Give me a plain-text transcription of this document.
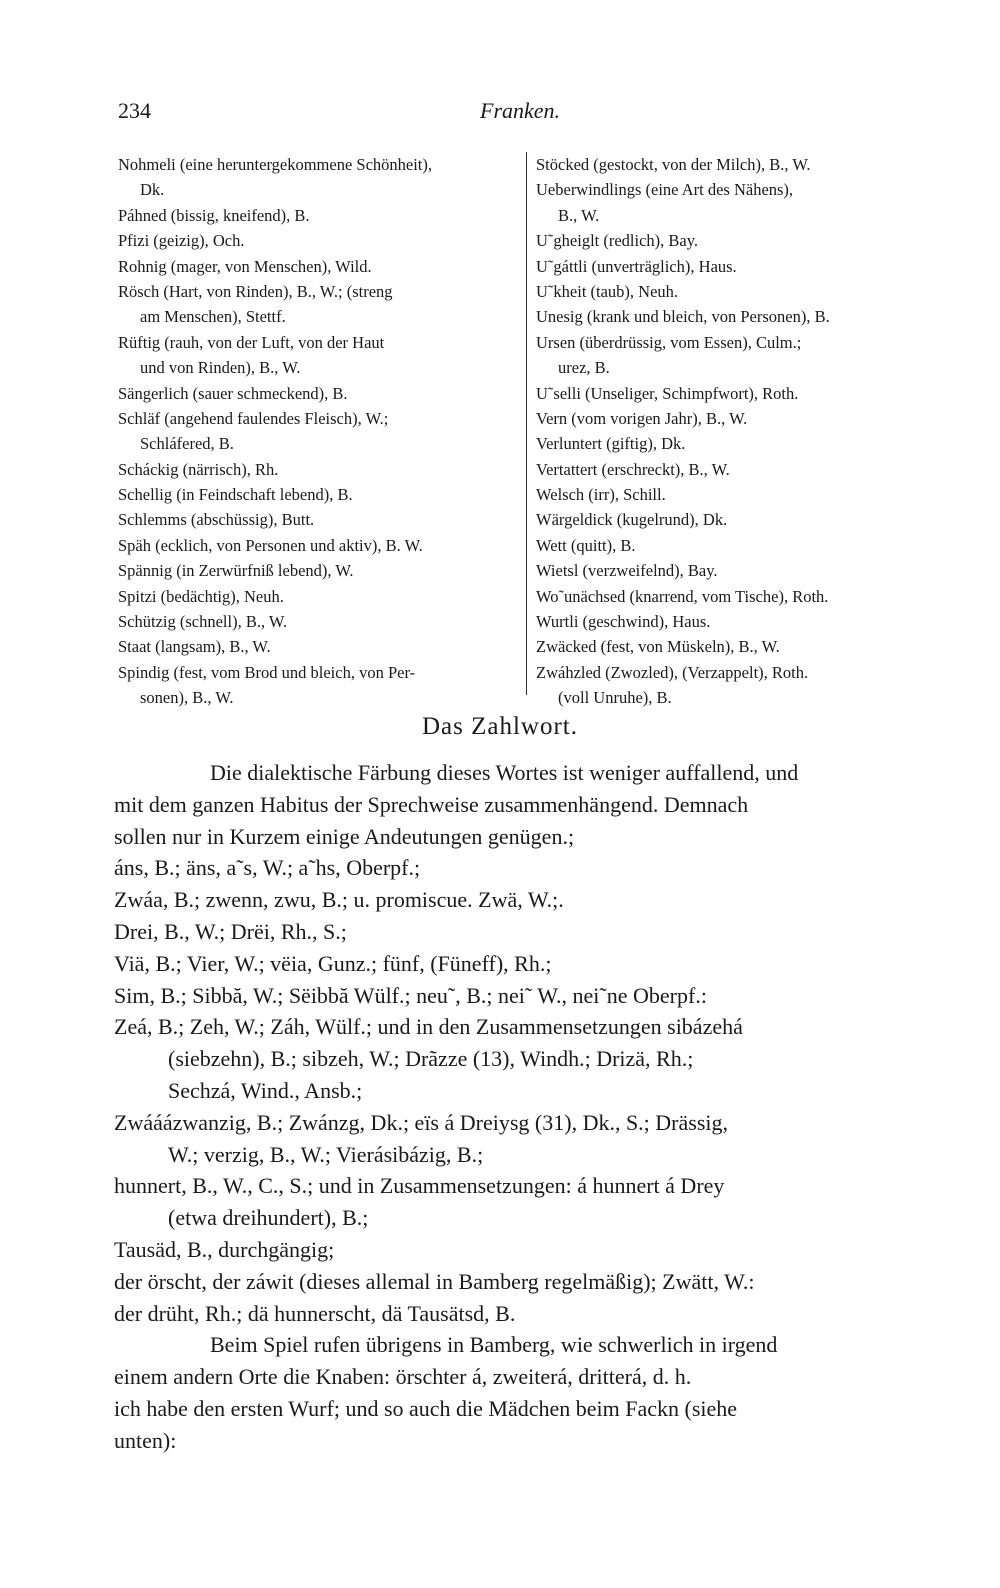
234	Franken.
Nohmeli (eine heruntergekommene Schönheit),
Dk.
Páhned (bissig, kneifend), B.
Pfizi (geizig), Och.
Rohnig (mager, von Menschen), Wild.
Rösch (Hart, von Rinden), B., W.; (streng
am Menschen), Stettf.
Rüftig (rauh, von der Luft, von der Haut
und von Rinden), B., W.
Sängerlich (sauer schmeckend), B.
Schläf (angehend faulendes Fleisch), W.;
Schláfered, B.
Scháckig (närrisch), Rh.
Schellig (in Feindschaft lebend), B.
Schlemms (abschüssig), Butt.
Späh (ecklich, von Personen und aktiv), B. W.
Spännig (in Zerwürfniß lebend), W.
Spitzi (bedächtig), Neuh.
Schützig (schnell), B., W.
Staat (langsam), B., W.
Spindig (fest, vom Brod und bleich, von Per-
sonen), B., W.
Stöcked (gestockt, von der Milch), B., W.
Ueberwindlings (eine Art des Nähens),
B., W.
U˜gheiglt (redlich), Bay.
U˜gáttli (unverträglich), Haus.
U˜kheit (taub), Neuh.
Unesig (krank und bleich, von Personen), B.
Ursen (überdrüssig, vom Essen), Culm.;
urez, B.
U˜selli (Unseliger, Schimpfwort), Roth.
Vern (vom vorigen Jahr), B., W.
Verluntert (giftig), Dk.
Vertattert (erschreckt), B., W.
Welsch (irr), Schill.
Wärgeldick (kugelrund), Dk.
Wett (quitt), B.
Wietsl (verzweifelnd), Bay.
Wo˜unächsed (knarrend, vom Tische), Roth.
Wurtli (geschwind), Haus.
Zwäcked (fest, von Müskeln), B., W.
Zwáhzled (Zwozled), (Verzappelt), Roth.
(voll Unruhe), B.
Das Zahlwort.
Die dialektische Färbung dieses Wortes ist weniger auffallend, und
mit dem ganzen Habitus der Sprechweise zusammenhängend. Demnach
sollen nur in Kurzem einige Andeutungen genügen.;
áns, B.; äns, a˜s, W.; a˜hs, Oberpf.;
Zwáa, B.; zwenn, zwu, B.; u. promiscue. Zwä, W.;.
Drei, B., W.; Drëi, Rh., S.;
Viä, B.; Vier, W.; vëia, Gunz.; fünf, (Füneff), Rh.;
Sim, B.; Sibbă, W.; Sëibbă Wülf.; neu˜, B.; nei˜ W., nei˜ne Oberpf.:
Zeá, B.; Zeh, W.; Záh, Wülf.; und in den Zusammensetzungen sibázehá
(siebzehn), B.; sibzeh, W.; Drãzze (13), Windh.; Drizä, Rh.;
Sechzá, Wind., Ansb.;
Zwááázwanzig, B.; Zwánzg, Dk.; eïs á Dreiysg (31), Dk., S.; Drässig,
W.; verzig, B., W.; Vierásibázig, B.;
hunnert, B., W., C., S.; und in Zusammensetzungen: á hunnert á Drey
(etwa dreihundert), B.;
Tausäd, B., durchgängig;
der örscht, der záwit (dieses allemal in Bamberg regelmäßig); Zwätt, W.:
der drüht, Rh.; dä hunnerscht, dä Tausätsd, B.
Beim Spiel rufen übrigens in Bamberg, wie schwerlich in irgend
einem andern Orte die Knaben: örschter á, zweiterá, dritterá, d. h.
ich habe den ersten Wurf; und so auch die Mädchen beim Fackn (siehe
unten):
